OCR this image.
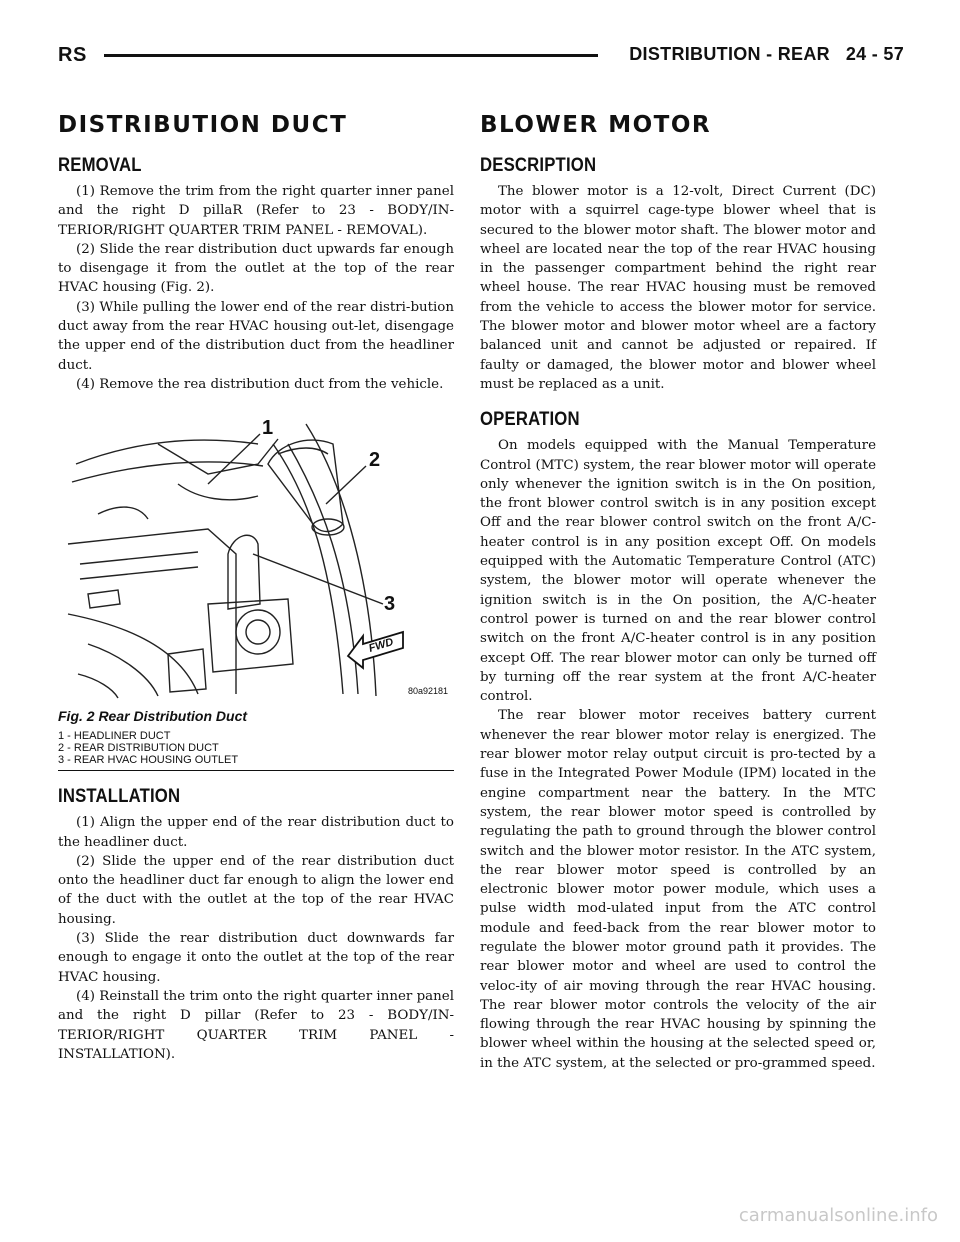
RS	DISTRIBUTION - REAR 24 - 57
DISTRIBUTION DUCT
REMOVAL

(1) Remove the trim from the right quarter inner panel and the right D pillaR (Refer to 23 - BODY/IN-TERIOR/RIGHT QUARTER TRIM PANEL - REMOVAL).

(2) Slide the rear distribution duct upwards far enough to disengage it from the outlet at the top of the rear HVAC housing (Fig. 2).

(3) While pulling the lower end of the rear distri-bution duct away from the rear HVAC housing out-let, disengage the upper end of the distribution duct from the headliner duct.

(4) Remove the rea distribution duct from the vehicle.

1
2
3
FWD
80a92181
Fig. 2 Rear Distribution Duct
1 - HEADLINER DUCT
2 - REAR DISTRIBUTION DUCT
3 - REAR HVAC HOUSING OUTLET
INSTALLATION

(1) Align the upper end of the rear distribution duct to the headliner duct.

(2) Slide the upper end of the rear distribution duct onto the headliner duct far enough to align the lower end of the duct with the outlet at the top of the rear HVAC housing.

(3) Slide the rear distribution duct downwards far enough to engage it onto the outlet at the top of the rear HVAC housing.

(4) Reinstall the trim onto the right quarter inner panel and the right D pillar (Refer to 23 - BODY/IN-TERIOR/RIGHT QUARTER TRIM PANEL - INSTALLATION).

BLOWER MOTOR
DESCRIPTION

The blower motor is a 12-volt, Direct Current (DC) motor with a squirrel cage-type blower wheel that is secured to the blower motor shaft. The blower motor and wheel are located near the top of the rear HVAC housing in the passenger compartment behind the right rear wheel house. The rear HVAC housing must be removed from the vehicle to access the blower motor for service. The blower motor and blower motor wheel are a factory balanced unit and cannot be adjusted or repaired. If faulty or damaged, the blower motor and blower wheel must be replaced as a unit.

OPERATION

On models equipped with the Manual Temperature Control (MTC) system, the rear blower motor will operate only whenever the ignition switch is in the On position, the front blower control switch is in any position except Off and the rear blower control switch on the front A/C-heater control is in any position except Off. On models equipped with the Automatic Temperature Control (ATC) system, the blower motor will operate whenever the ignition switch is in the On position, the A/C-heater control power is turned on and the rear blower control switch on the front A/C-heater control is in any position except Off. The rear blower motor can only be turned off by turning off the rear system at the front A/C-heater control.

The rear blower motor receives battery current whenever the rear blower motor relay is energized. The rear blower motor relay output circuit is pro-tected by a fuse in the Integrated Power Module (IPM) located in the engine compartment near the battery. In the MTC system, the rear blower motor speed is controlled by regulating the path to ground through the blower control switch and the blower motor resistor. In the ATC system, the rear blower motor speed is controlled by an electronic blower motor power module, which uses a pulse width mod-ulated input from the ATC control module and feed-back from the rear blower motor to regulate the blower motor ground path it provides. The rear blower motor and wheel are used to control the veloc-ity of air moving through the rear HVAC housing. The rear blower motor controls the velocity of the air flowing through the rear HVAC housing by spinning the blower wheel within the housing at the selected speed or, in the ATC system, at the selected or pro-grammed speed.

carmanualsonline.info
